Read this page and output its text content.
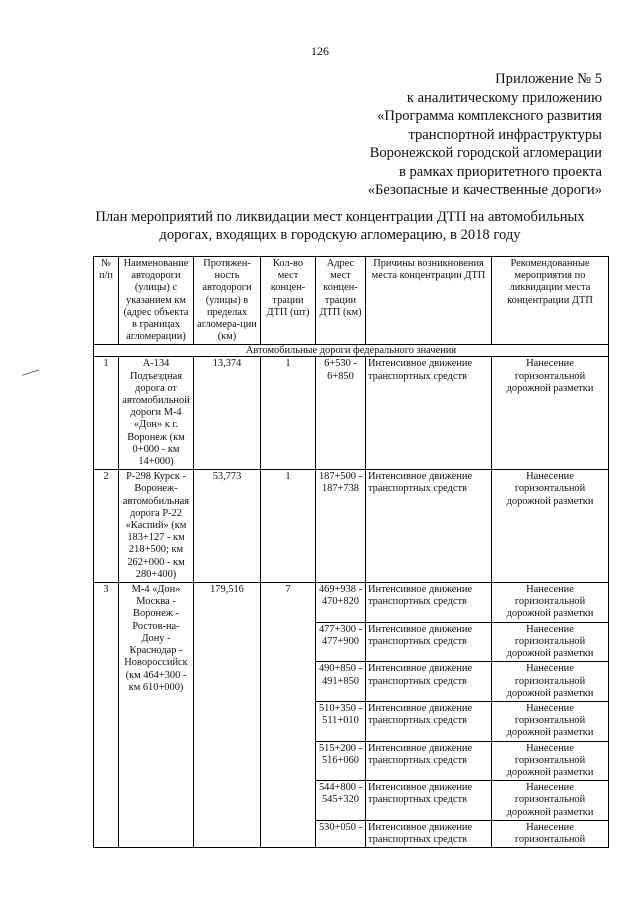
126
Приложение № 5
к аналитическому приложению
«Программа комплексного развития
транспортной инфраструктуры
Воронежской городской агломерации
в рамках приоритетного проекта
«Безопасные и качественные дороги»
План мероприятий по ликвидации мест концентрации ДТП на автомобильных
дорогах, входящих в городскую агломерацию, в 2018 году
№ п/п	Наименование автодороги (улицы) с указанием км (адрес объекта в границах агломерации)	Протяжен-ность автодороги (улицы) в пределах агломера-ции (км)	Кол-во мест концен-трации ДТП (шт)	Адрес мест концен-трации ДТП (км)	Причины возникновения места концентрации ДТП	Рекомендованные мероприятия по ликвидации места концентрации ДТП
Автомобильные дороги федерального значения						
1	А-134 Подъездная дорога от автомобильной дороги М-4 «Дон» к г. Воронеж (км 0+000 - км 14+000)	13,374	1	6+530 - 6+850	Интенсивное движение транспортных средств	Нанесение горизонтальной дорожной разметки
2	Р-298 Курск - Воронеж-автомобильная дорога Р-22 «Каспий» (км 183+127 - км 218+500; км 262+000 - км 280+400)	53,773	1	187+500 - 187+738	Интенсивное движение транспортных средств	Нанесение горизонтальной дорожной разметки
3	М-4 «Дон» Москва - Воронеж - Ростов-на-Дону - Краснодар - Новороссийск (км 464+300 - км 610+000)	179,516	7	469+938 - 470+820	Интенсивное движение транспортных средств	Нанесение горизонтальной дорожной разметки
				477+300 - 477+900	Интенсивное движение транспортных средств	Нанесение горизонтальной дорожной разметки
				490+850 - 491+850	Интенсивное движение транспортных средств	Нанесение горизонтальной дорожной разметки
				510+350 - 511+010	Интенсивное движение транспортных средств	Нанесение горизонтальной дорожной разметки
				515+200 - 516+060	Интенсивное движение транспортных средств	Нанесение горизонтальной дорожной разметки
				544+800 - 545+320	Интенсивное движение транспортных средств	Нанесение горизонтальной дорожной разметки
				530+050 -	Интенсивное движение транспортных средств	Нанесение горизонтальной
